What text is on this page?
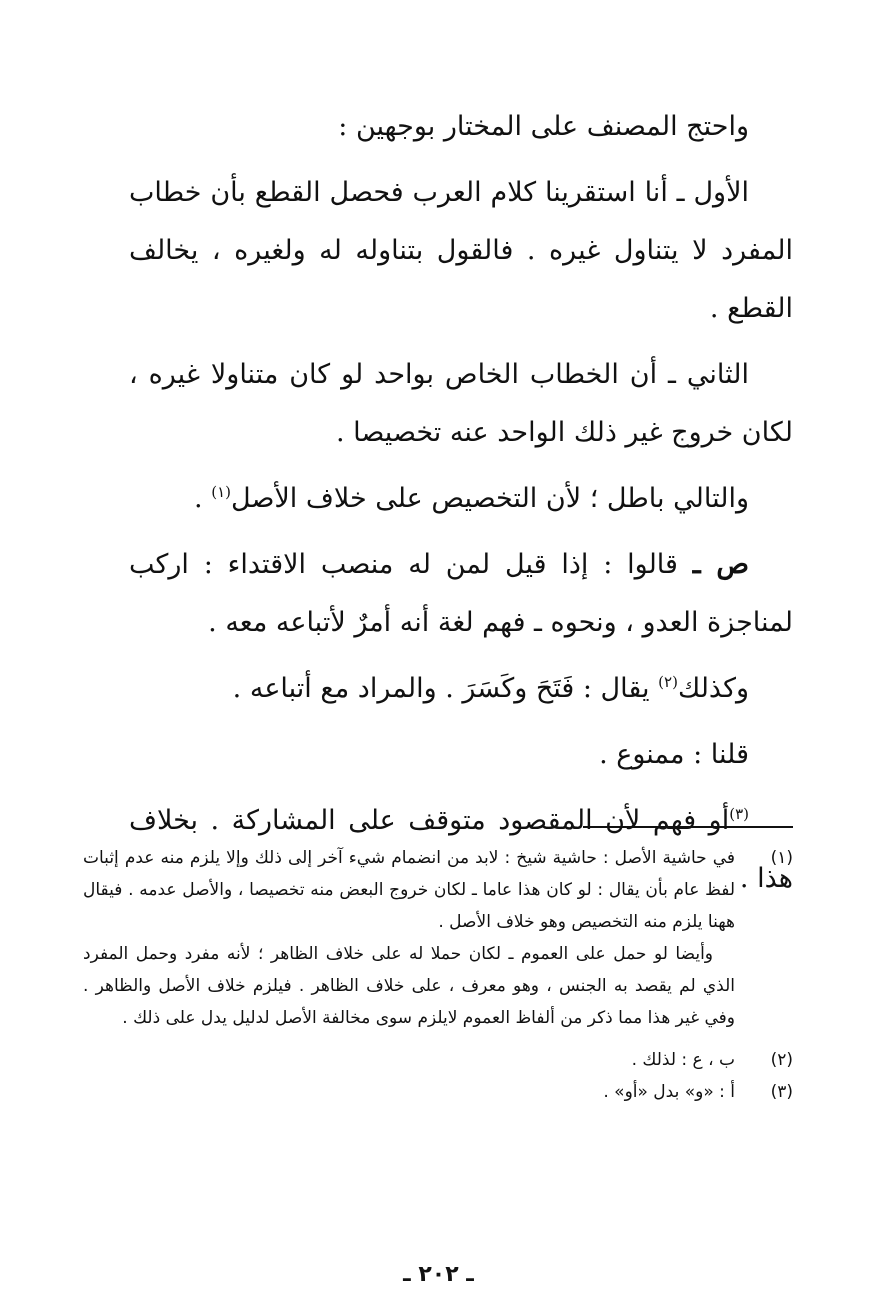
واحتج المصنف على المختار بوجهين :

الأول ـ أنا استقرينا كلام العرب فحصل القطع بأن خطاب المفرد لا يتناول غيره . فالقول بتناوله له ولغيره ، يخالف القطع .

الثاني ـ أن الخطاب الخاص بواحد لو كان متناولا غيره ، لكان خروج غير ذلك الواحد عنه تخصيصا .

والتالي باطل ؛ لأن التخصيص على خلاف الأصل$^{(١)}$ .

ص ـ قالوا : إذا قيل لمن له منصب الاقتداء : اركب لمناجزة العدو ، ونحوه ـ فهم لغة أنه أمرٌ لأتباعه معه .

وكذلك$^{(٢)}$ يقال : فَتَحَ وكَسَرَ . والمراد مع أتباعه .

قلنا : ممنوع .

$^{(٣)}$أو فهم لأن المقصود متوقف على المشاركة . بخلاف هذا .

(١)

في حاشية الأصل : حاشية شيخ : لابد من انضمام شيء آخر إلى ذلك وإلا يلزم منه عدم إثبات لفظ عام بأن يقال : لو كان هذا عاما ـ لكان خروج البعض منه تخصيصا ، والأصل عدمه . فيقال ههنا يلزم منه التخصيص وهو خلاف الأصل .

وأيضا لو حمل على العموم ـ لكان حملا له على خلاف الظاهر ؛ لأنه مفرد وحمل المفرد الذي لم يقصد به الجنس ، وهو معرف ، على خلاف الظاهر . فيلزم خلاف الأصل والظاهر . وفي غير هذا مما ذكر من ألفاظ العموم لايلزم سوى مخالفة الأصل لدليل يدل على ذلك .

(٢)

ب ، ع : لذلك .

(٣)

أ : «و» بدل «أو» .

ـ ٢٠٢ ـ
